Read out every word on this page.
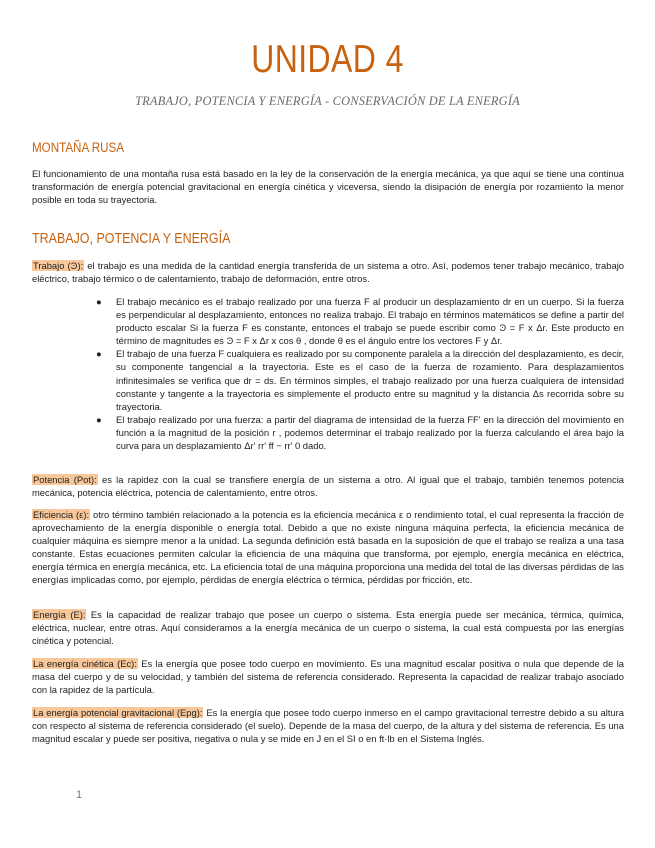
UNIDAD 4
TRABAJO, POTENCIA Y ENERGÍA - CONSERVACIÓN DE LA ENERGÍA
MONTAÑA RUSA
El funcionamiento de una montaña rusa está basado en la ley de la conservación de la energía mecánica, ya que aquí se tiene una continua transformación de energía potencial gravitacional en energía cinética y viceversa, siendo la disipación de energía por rozamiento la menor posible en toda su trayectoria.
TRABAJO, POTENCIA Y ENERGÍA
Trabajo (Ͽ): el trabajo es una medida de la cantidad energía transferida de un sistema a otro. Así, podemos tener trabajo mecánico, trabajo eléctrico, trabajo térmico o de calentamiento, trabajo de deformación, entre otros.
● El trabajo mecánico es el trabajo realizado por una fuerza F al producir un desplazamiento dr en un cuerpo. Si la fuerza es perpendicular al desplazamiento, entonces no realiza trabajo. El trabajo en términos matemáticos se define a partir del producto escalar Si la fuerza F es constante, entonces el trabajo se puede escribir como Ͽ = F x Δr. Este producto en término de magnitudes es Ͽ = F x Δr x cos θ , donde θ es el ángulo entre los vectores F y Δr.
● El trabajo de una fuerza F cualquiera es realizado por su componente paralela a la dirección del desplazamiento, es decir, su componente tangencial a la trayectoria. Este es el caso de la fuerza de rozamiento. Para desplazamientos infinitesimales se verifica que dr = ds. En términos simples, el trabajo realizado por una fuerza cualquiera de intensidad constante y tangente a la trayectoria es simplemente el producto entre su magnitud y la distancia Δs recorrida sobre su trayectoria.
● El trabajo realizado por una fuerza: a partir del diagrama de intensidad de la fuerza FF' en la dirección del movimiento en función a la magnitud de la posición r , podemos determinar el trabajo realizado por la fuerza calculando el área bajo la curva para un desplazamiento Δr' rr' ff − rr' 0 dado.
Potencia (Pot): es la rapidez con la cual se transfiere energía de un sistema a otro. Al igual que el trabajo, también tenemos potencia mecánica, potencia eléctrica, potencia de calentamiento, entre otros.
Eficiencia (ε): otro término también relacionado a la potencia es la eficiencia mecánica ε o rendimiento total, el cual representa la fracción de aprovechamiento de la energía disponible o energía total. Debido a que no existe ninguna máquina perfecta, la eficiencia mecánica de cualquier máquina es siempre menor a la unidad. La segunda definición está basada en la suposición de que el trabajo se realiza a una tasa constante. Estas ecuaciones permiten calcular la eficiencia de una máquina que transforma, por ejemplo, energía mecánica en eléctrica, energía térmica en energía mecánica, etc. La eficiencia total de una máquina proporciona una medida del total de las diversas pérdidas de las energías implicadas como, por ejemplo, pérdidas de energía eléctrica o térmica, pérdidas por fricción, etc.
Energía (E): Es la capacidad de realizar trabajo que posee un cuerpo o sistema. Esta energía puede ser mecánica, térmica, química, eléctrica, nuclear, entre otras. Aquí consideramos a la energía mecánica de un cuerpo o sistema, la cual está compuesta por las energías cinética y potencial.
La energía cinética (Ec): Es la energía que posee todo cuerpo en movimiento. Es una magnitud escalar positiva o nula que depende de la masa del cuerpo y de su velocidad, y también del sistema de referencia considerado. Representa la capacidad de realizar trabajo asociado con la rapidez de la partícula.
La energía potencial gravitacional (Epg): Es la energía que posee todo cuerpo inmerso en el campo gravitacional terrestre debido a su altura con respecto al sistema de referencia considerado (el suelo). Depende de la masa del cuerpo, de la altura y del sistema de referencia. Es una magnitud escalar y puede ser positiva, negativa o nula y se mide en J en el SI o en ft·lb en el Sistema Inglés.
1
